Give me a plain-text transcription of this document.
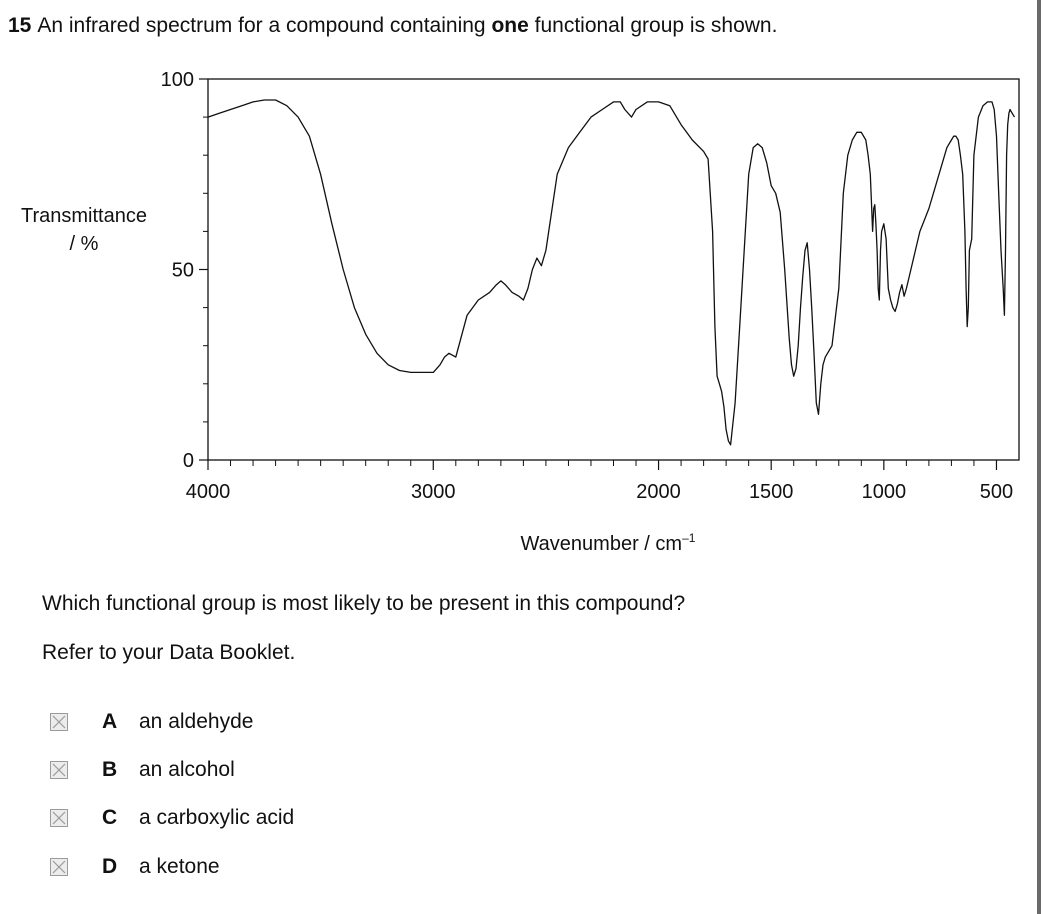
15 An infrared spectrum for a compound containing one functional group is shown.
0
50
100
4000	3000	2000	1500	1000	500
Transmittance
/ %
Wavenumber / $cm^{-1}$
Which functional group is most likely to be present in this compound?
Refer to your Data Booklet.
A an aldehyde
B an alcohol
C a carboxylic acid
D a ketone
